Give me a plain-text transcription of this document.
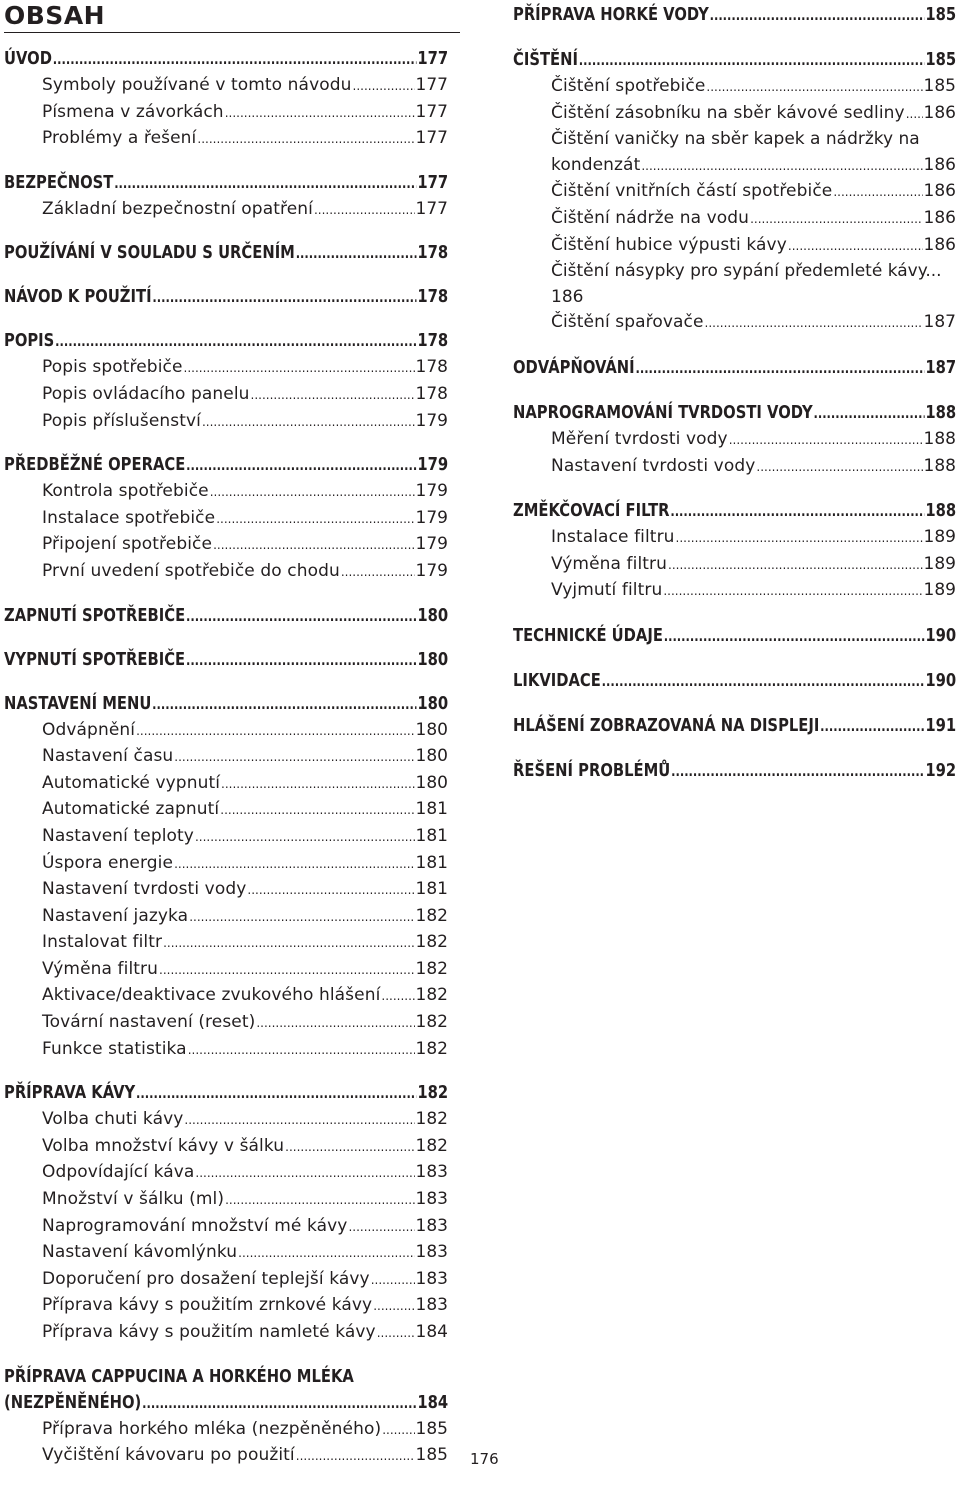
OBSAH
ÚVOD .....	177
Symboly používané v tomto návodu .....	177
Písmena v závorkách .....	177
Problémy a řešení .....	177
BEZPEČNOST .....	177
Základní bezpečnostní opatření .....	177
POUŽÍVÁNÍ V SOULADU S URČENÍM .....	178
NÁVOD K POUŽITÍ .....	178
POPIS .....	178
Popis spotřebiče .....	178
Popis ovládacího panelu .....	178
Popis příslušenství .....	179
PŘEDBĚŽNÉ OPERACE .....	179
Kontrola spotřebiče .....	179
Instalace spotřebiče .....	179
Připojení spotřebiče .....	179
První uvedení spotřebiče do chodu .....	179
ZAPNUTÍ SPOTŘEBIČE .....	180
VYPNUTÍ SPOTŘEBIČE .....	180
NASTAVENÍ MENU .....	180
Odvápnění .....	180
Nastavení času .....	180
Automatické vypnutí .....	180
Automatické zapnutí .....	181
Nastavení teploty .....	181
Úspora energie .....	181
Nastavení tvrdosti vody .....	181
Nastavení jazyka .....	182
Instalovat filtr .....	182
Výměna filtru .....	182
Aktivace/deaktivace zvukového hlášení ..... 182
Tovární nastavení (reset) .....	182
Funkce statistika .....	182
PŘÍPRAVA KÁVY .....	182
Volba chuti kávy .....	182
Volba množství kávy v šálku .....	182
Odpovídající káva .....	183
Množství v šálku (ml) .....	183
Naprogramování množství mé kávy .....	183
Nastavení kávomlýnku .....	183
Doporučení pro dosažení teplejší kávy .....	183
Příprava kávy s použitím zrnkové kávy .....	183
Příprava kávy s použitím namleté kávy ..... 184
PŘÍPRAVA CAPPUCINA A HORKÉHO MLÉKA
(NEZPĚNĚNÉHO) .....	184
Příprava horkého mléka (nezpěněného) ..... 185
Vyčištění kávovaru po použití .....	185
PŘÍPRAVA HORKÉ VODY .....	185
ČIŠTĚNÍ .....	185
Čištění spotřebiče .....	185
Čištění zásobníku na sběr kávové sedliny ..... 186
Čištění vaničky na sběr kapek a nádržky na
kondenzát .....	186
Čištění vnitřních částí spotřebiče .....	186
Čištění nádrže na vodu .....	186
Čištění hubice výpusti kávy .....	186
Čištění násypky pro sypání předemleté kávy...
186
Čištění spařovače .....	187
ODVÁPŇOVÁNÍ .....	187
NAPROGRAMOVÁNÍ TVRDOSTI VODY .....	188
Měření tvrdosti vody .....	188
Nastavení tvrdosti vody .....	188
ZMĚKČOVACÍ FILTR .....	188
Instalace filtru .....	189
Výměna filtru .....	189
Vyjmutí filtru .....	189
TECHNICKÉ ÚDAJE .....	190
LIKVIDACE .....	190
HLÁŠENÍ ZOBRAZOVANÁ NA DISPLEJI .....	191
ŘEŠENÍ PROBLÉMŮ .....	192
176
